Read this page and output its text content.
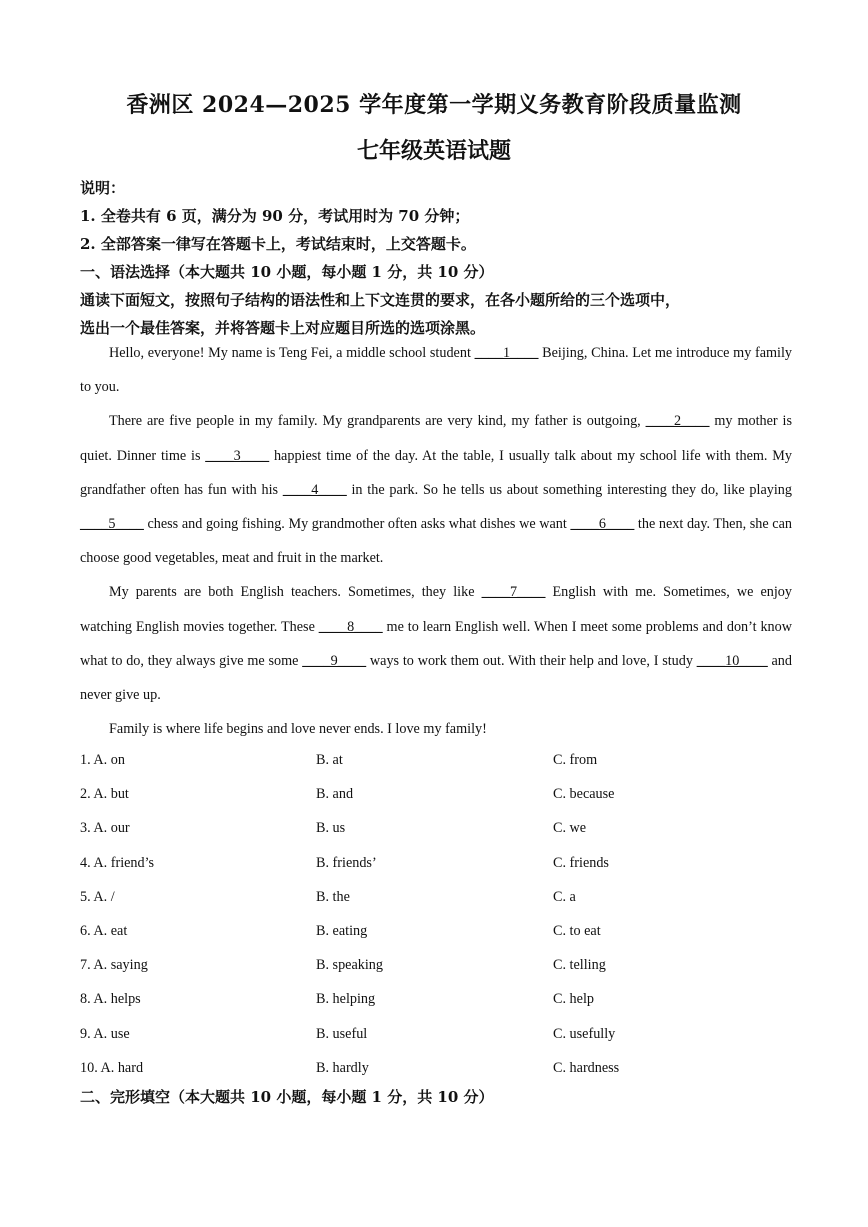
香洲区 2024—2025 学年度第一学期义务教育阶段质量监测
七年级英语试题
说明：
1. 全卷共有 6 页，满分为 90 分，考试用时为 70 分钟；
2. 全部答案一律写在答题卡上，考试结束时，上交答题卡。
一、语法选择（本大题共 10 小题，每小题 1 分，共 10 分）
通读下面短文，按照句子结构的语法性和上下文连贯的要求，在各小题所给的三个选项中，
选出一个最佳答案，并将答题卡上对应题目所选的选项涂黑。

Hello, everyone! My name is Teng Fei, a middle school student ____1____ Beijing, China. Let me introduce my family to you.

There are five people in my family. My grandparents are very kind, my father is outgoing, ____2____ my mother is quiet. Dinner time is ____3____ happiest time of the day. At the table, I usually talk about my school life with them. My grandfather often has fun with his ____4____ in the park. So he tells us about something interesting they do, like playing ____5____ chess and going fishing. My grandmother often asks what dishes we want ____6____ the next day. Then, she can choose good vegetables, meat and fruit in the market.

My parents are both English teachers. Sometimes, they like ____7____ English with me. Sometimes, we enjoy watching English movies together. These ____8____ me to learn English well. When I meet some problems and don’t know what to do, they always give me some ____9____ ways to work them out. With their help and love, I study ____10____ and never give up.

Family is where life begins and love never ends. I love my family!

1. A. on	B. at	C. from
2. A. but	B. and	C. because
3. A. our	B. us	C. we
4. A. friend’s	B. friends’	C. friends
5. A. /	B. the	C. a
6. A. eat	B. eating	C. to eat
7. A. saying	B. speaking	C. telling
8. A. helps	B. helping	C. help
9. A. use	B. useful	C. usefully
10. A. hard	B. hardly	C. hardness
二、完形填空（本大题共 10 小题，每小题 1 分，共 10 分）
